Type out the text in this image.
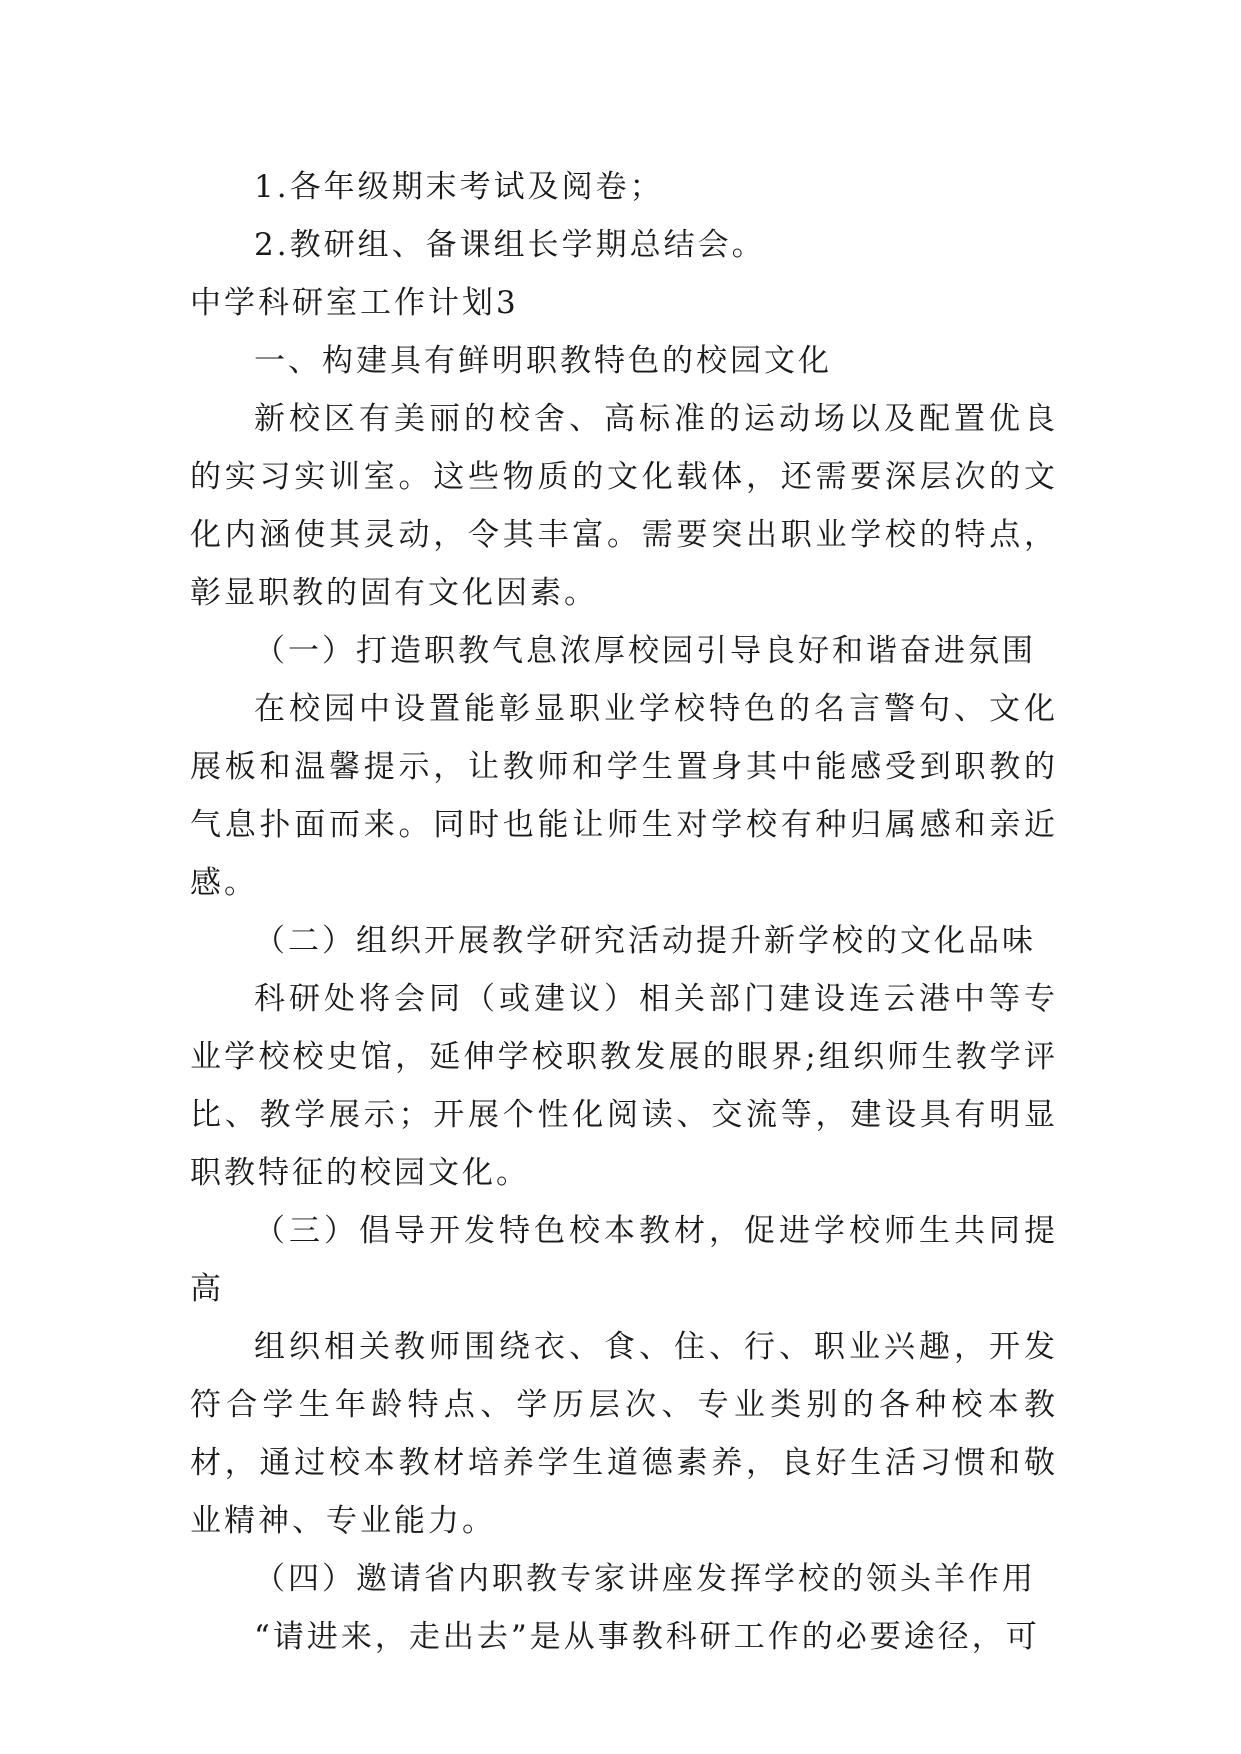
1.各年级期末考试及阅卷；

2.教研组、备课组长学期总结会。

中学科研室工作计划3

一、构建具有鲜明职教特色的校园文化

新校区有美丽的校舍、高标准的运动场以及配置优良的实习实训室。这些物质的文化载体，还需要深层次的文化内涵使其灵动，令其丰富。需要突出职业学校的特点，彰显职教的固有文化因素。

（一）打造职教气息浓厚校园引导良好和谐奋进氛围

在校园中设置能彰显职业学校特色的名言警句、文化展板和温馨提示，让教师和学生置身其中能感受到职教的气息扑面而来。同时也能让师生对学校有种归属感和亲近感。

（二）组织开展教学研究活动提升新学校的文化品味

科研处将会同（或建议）相关部门建设连云港中等专业学校校史馆，延伸学校职教发展的眼界;组织师生教学评比、教学展示；开展个性化阅读、交流等，建设具有明显职教特征的校园文化。

（三）倡导开发特色校本教材，促进学校师生共同提高

组织相关教师围绕衣、食、住、行、职业兴趣，开发符合学生年龄特点、学历层次、专业类别的各种校本教材，通过校本教材培养学生道德素养，良好生活习惯和敬业精神、专业能力。

（四）邀请省内职教专家讲座发挥学校的领头羊作用

“请进来，走出去”是从事教科研工作的必要途径，可
